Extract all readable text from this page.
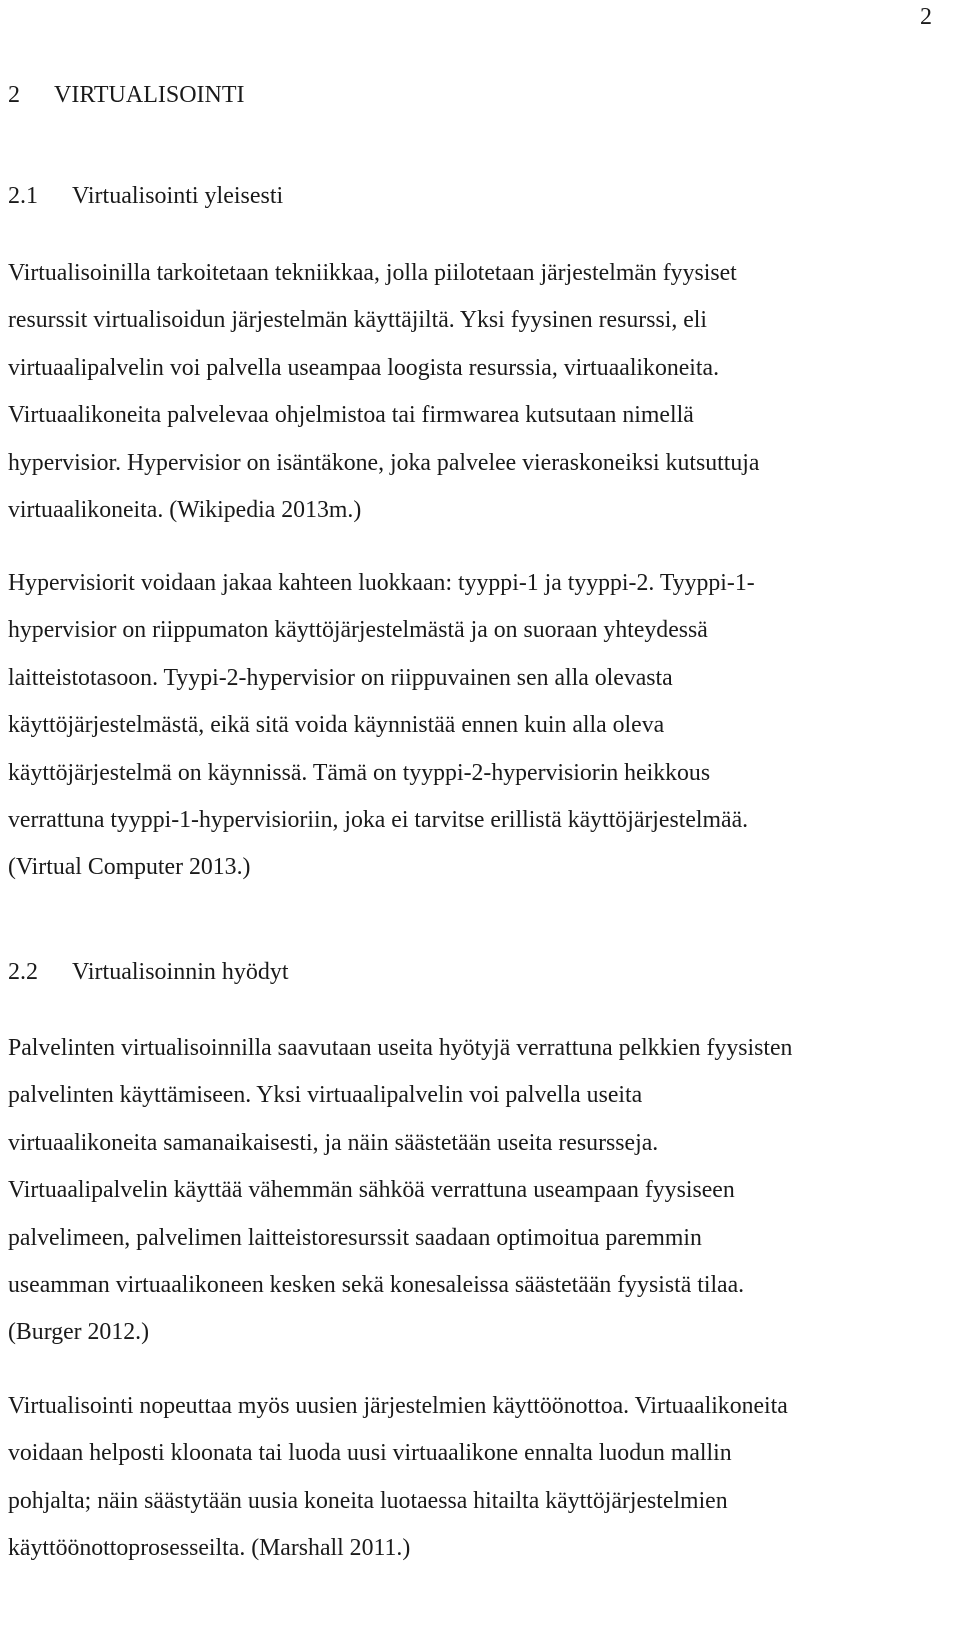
2
2 VIRTUALISOINTI
2.1 Virtualisointi yleisesti

Virtualisoinilla tarkoitetaan tekniikkaa, jolla piilotetaan järjestelmän fyysiset
resurssit virtualisoidun järjestelmän käyttäjiltä. Yksi fyysinen resurssi, eli
virtuaalipalvelin voi palvella useampaa loogista resurssia, virtuaalikoneita.
Virtuaalikoneita palvelevaa ohjelmistoa tai firmwarea kutsutaan nimellä
hypervisior. Hypervisior on isäntäkone, joka palvelee vieraskoneiksi kutsuttuja
virtuaalikoneita. (Wikipedia 2013m.)

Hypervisiorit voidaan jakaa kahteen luokkaan: tyyppi-1 ja tyyppi-2. Tyyppi-1-
hypervisior on riippumaton käyttöjärjestelmästä ja on suoraan yhteydessä
laitteistotasoon. Tyypi-2-hypervisior on riippuvainen sen alla olevasta
käyttöjärjestelmästä, eikä sitä voida käynnistää ennen kuin alla oleva
käyttöjärjestelmä on käynnissä. Tämä on tyyppi-2-hypervisiorin heikkous
verrattuna tyyppi-1-hypervisioriin, joka ei tarvitse erillistä käyttöjärjestelmää.
(Virtual Computer 2013.)

2.2 Virtualisoinnin hyödyt

Palvelinten virtualisoinnilla saavutaan useita hyötyjä verrattuna pelkkien fyysisten
palvelinten käyttämiseen. Yksi virtuaalipalvelin voi palvella useita
virtuaalikoneita samanaikaisesti, ja näin säästetään useita resursseja.
Virtuaalipalvelin käyttää vähemmän sähköä verrattuna useampaan fyysiseen
palvelimeen, palvelimen laitteistoresurssit saadaan optimoitua paremmin
useamman virtuaalikoneen kesken sekä konesaleissa säästetään fyysistä tilaa.
(Burger 2012.)

Virtualisointi nopeuttaa myös uusien järjestelmien käyttöönottoa. Virtuaalikoneita
voidaan helposti kloonata tai luoda uusi virtuaalikone ennalta luodun mallin
pohjalta; näin säästytään uusia koneita luotaessa hitailta käyttöjärjestelmien
käyttöönottoprosesseilta. (Marshall 2011.)
